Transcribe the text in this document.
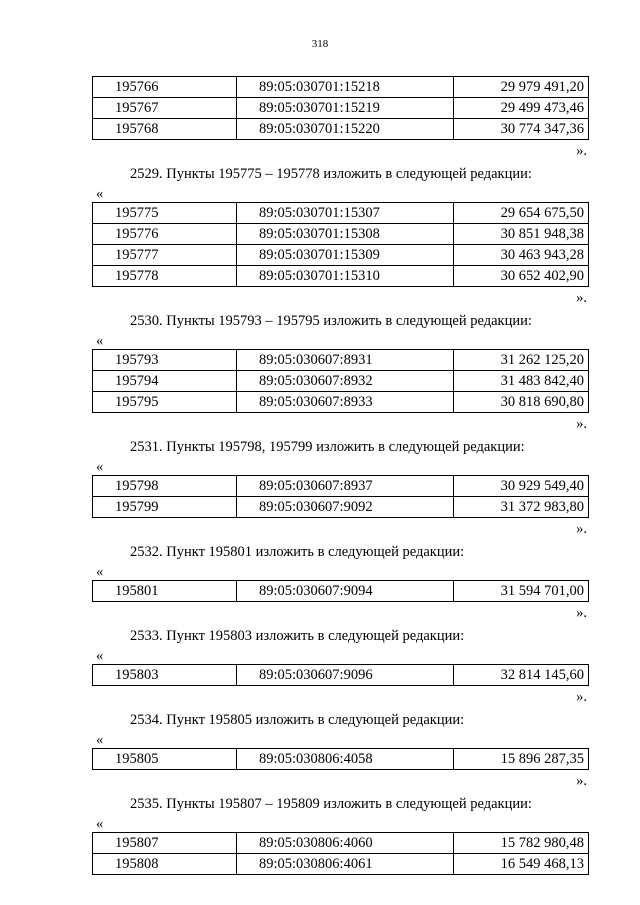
318
195766	89:05:030701:15218	29 979 491,20
195767	89:05:030701:15219	29 499 473,46
195768	89:05:030701:15220	30 774 347,36
».
2529. Пункты 195775 – 195778 изложить в следующей редакции:
«
195775	89:05:030701:15307	29 654 675,50
195776	89:05:030701:15308	30 851 948,38
195777	89:05:030701:15309	30 463 943,28
195778	89:05:030701:15310	30 652 402,90
».
2530. Пункты 195793 – 195795 изложить в следующей редакции:
«
195793	89:05:030607:8931	31 262 125,20
195794	89:05:030607:8932	31 483 842,40
195795	89:05:030607:8933	30 818 690,80
».
2531. Пункты 195798, 195799 изложить в следующей редакции:
«
195798	89:05:030607:8937	30 929 549,40
195799	89:05:030607:9092	31 372 983,80
».
2532. Пункт 195801 изложить в следующей редакции:
«
195801	89:05:030607:9094	31 594 701,00
».
2533. Пункт 195803 изложить в следующей редакции:
«
195803	89:05:030607:9096	32 814 145,60
».
2534. Пункт 195805 изложить в следующей редакции:
«
195805	89:05:030806:4058	15 896 287,35
».
2535. Пункты 195807 – 195809 изложить в следующей редакции:
«
195807	89:05:030806:4060	15 782 980,48
195808	89:05:030806:4061	16 549 468,13
